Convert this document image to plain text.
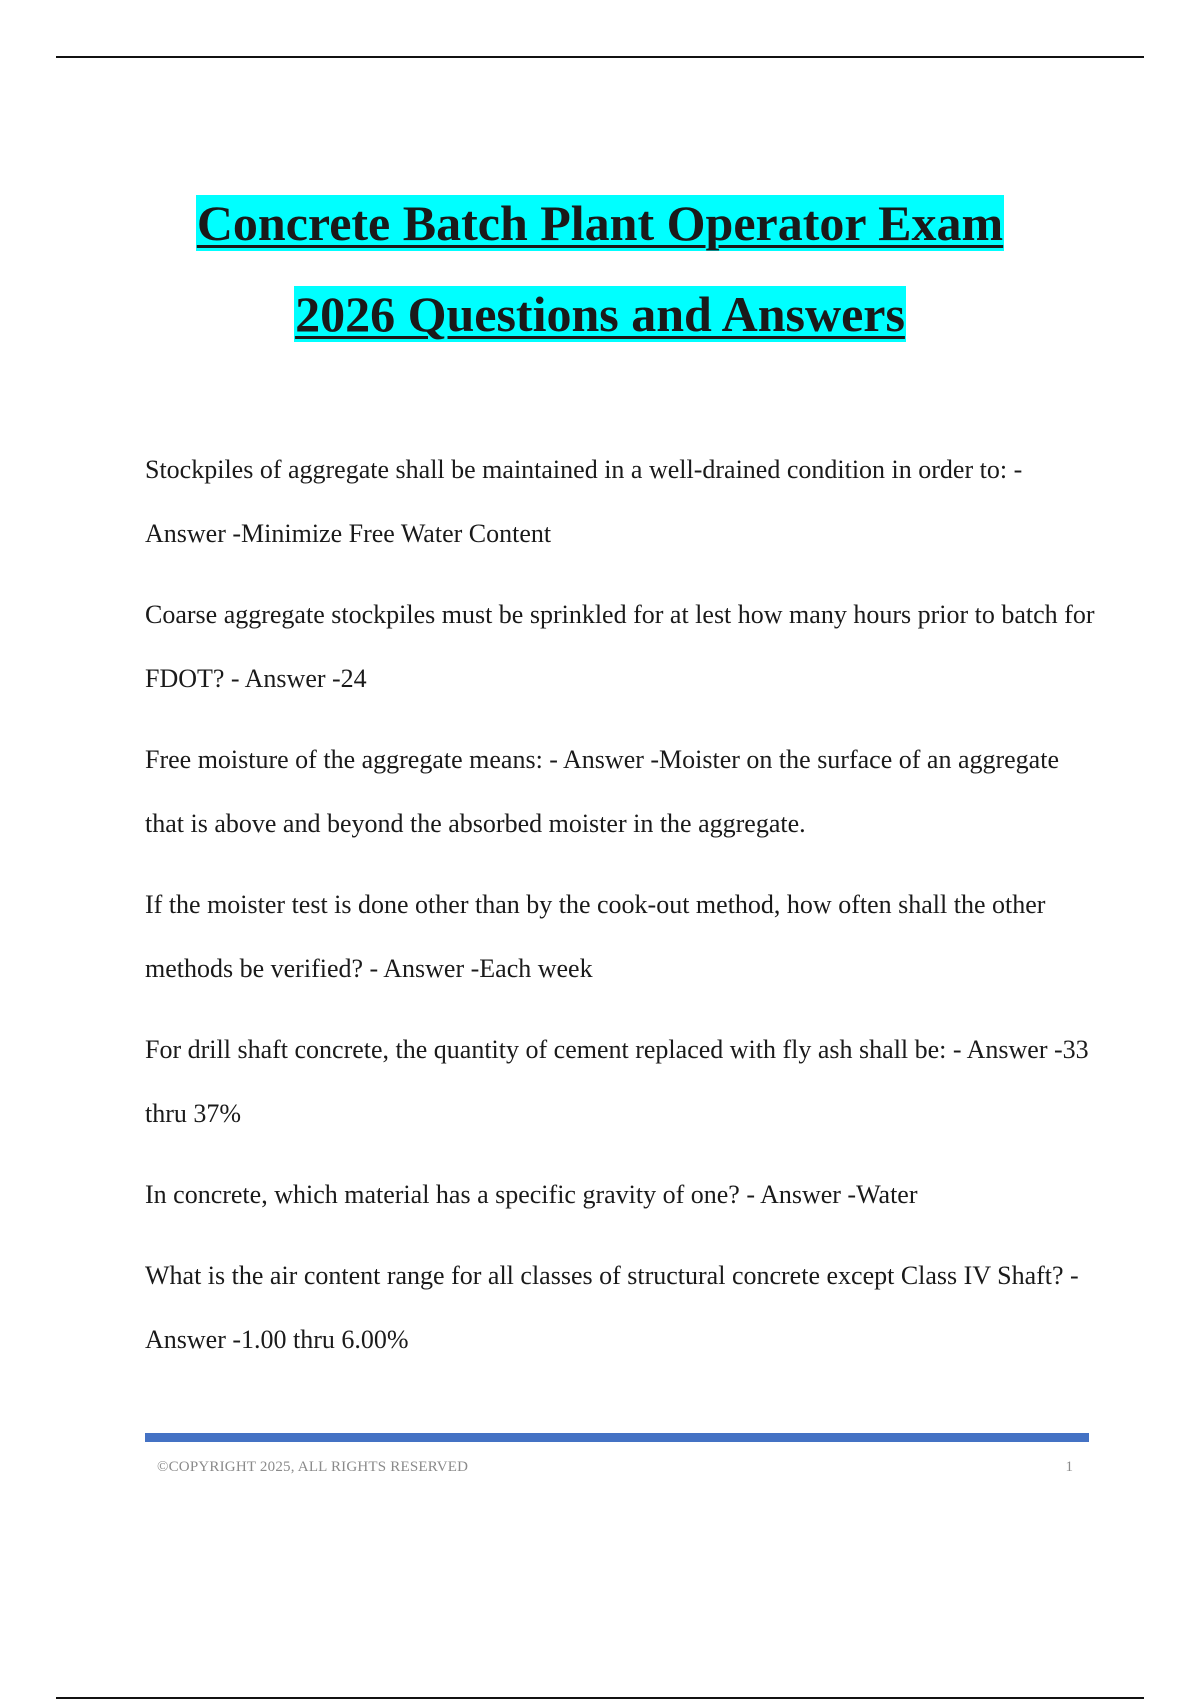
Concrete Batch Plant Operator Exam
2026 Questions and Answers

Stockpiles of aggregate shall be maintained in a well-drained condition in order to: - Answer -Minimize Free Water Content

Coarse aggregate stockpiles must be sprinkled for at lest how many hours prior to batch for FDOT? - Answer -24

Free moisture of the aggregate means: - Answer -Moister on the surface of an aggregate that is above and beyond the absorbed moister in the aggregate.

If the moister test is done other than by the cook-out method, how often shall the other methods be verified? - Answer -Each week

For drill shaft concrete, the quantity of cement replaced with fly ash shall be: - Answer -33 thru 37%

In concrete, which material has a specific gravity of one? - Answer -Water

What is the air content range for all classes of structural concrete except Class IV Shaft? - Answer -1.00 thru 6.00%

©COPYRIGHT 2025, ALL RIGHTS RESERVED	1
